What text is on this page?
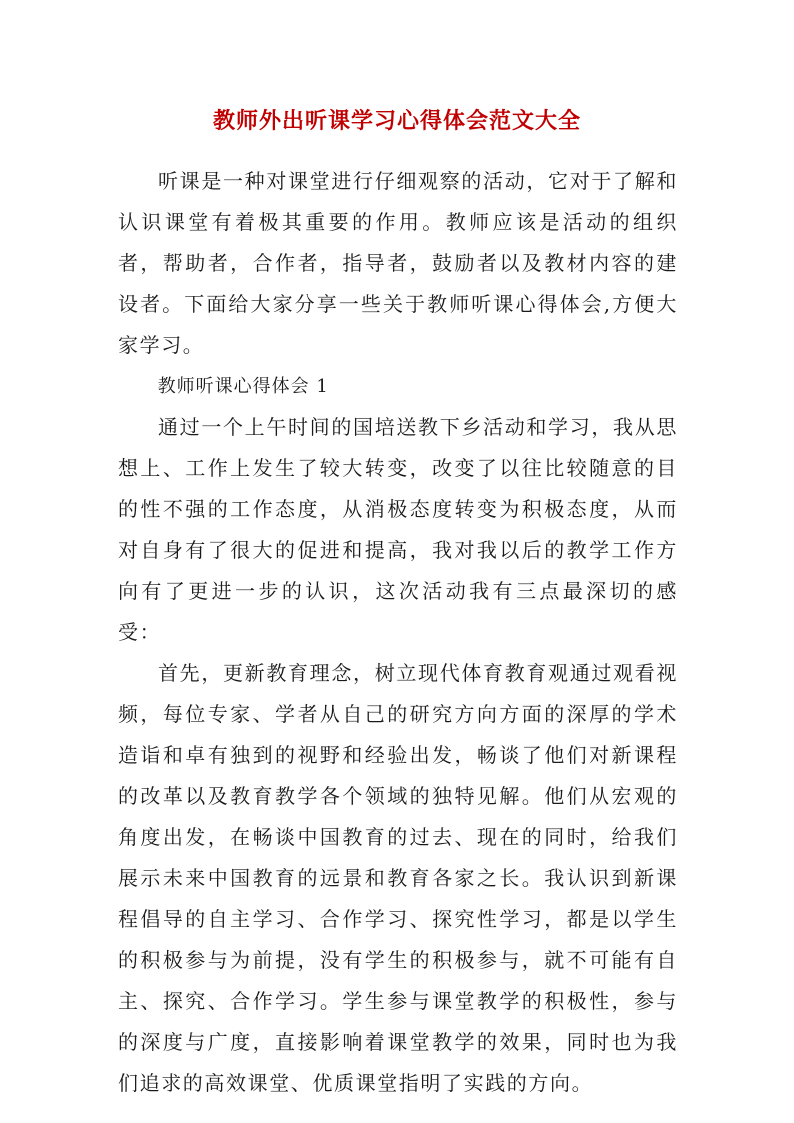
教师外出听课学习心得体会范文大全

听课是一种对课堂进行仔细观察的活动，它对于了解和认识课堂有着极其重要的作用。教师应该是活动的组织者，帮助者，合作者，指导者，鼓励者以及教材内容的建设者。下面给大家分享一些关于教师听课心得体会,方便大家学习。

教师听课心得体会 1

通过一个上午时间的国培送教下乡活动和学习，我从思想上、工作上发生了较大转变，改变了以往比较随意的目的性不强的工作态度，从消极态度转变为积极态度，从而对自身有了很大的促进和提高，我对我以后的教学工作方向有了更进一步的认识，这次活动我有三点最深切的感受：

首先，更新教育理念，树立现代体育教育观通过观看视频，每位专家、学者从自己的研究方向方面的深厚的学术造诣和卓有独到的视野和经验出发，畅谈了他们对新课程的改革以及教育教学各个领域的独特见解。他们从宏观的角度出发，在畅谈中国教育的过去、现在的同时，给我们展示未来中国教育的远景和教育各家之长。我认识到新课程倡导的自主学习、合作学习、探究性学习，都是以学生的积极参与为前提，没有学生的积极参与，就不可能有自主、探究、合作学习。学生参与课堂教学的积极性，参与的深度与广度，直接影响着课堂教学的效果，同时也为我们追求的高效课堂、优质课堂指明了实践的方向。
